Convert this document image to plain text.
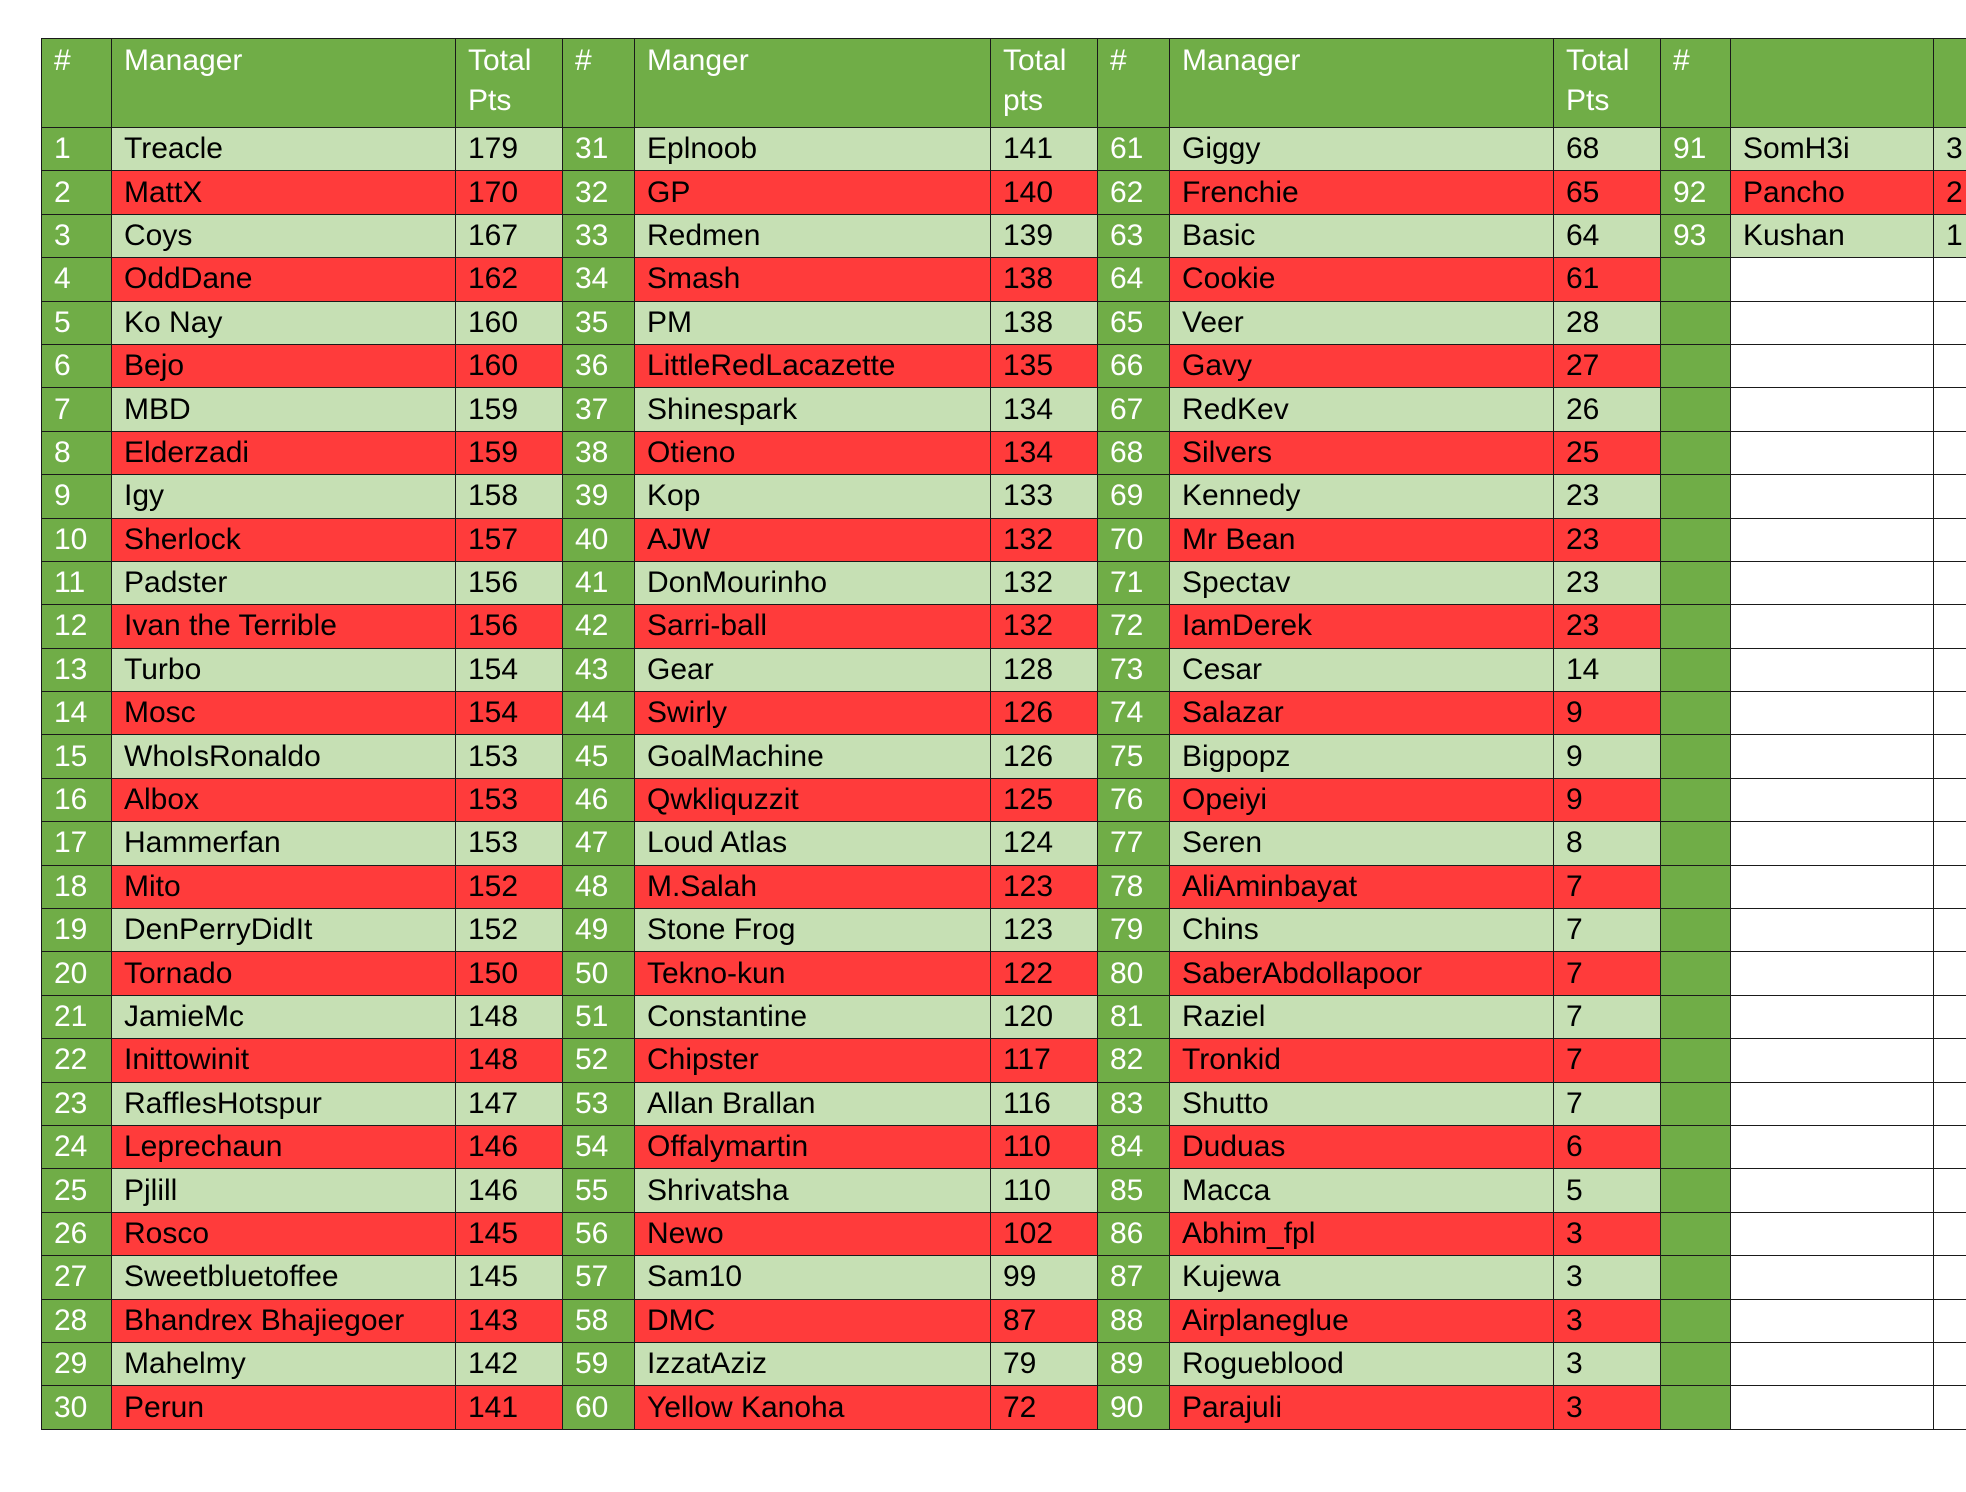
#	Manager	Total Pts	#	Manger	Total pts	#	Manager	Total Pts	#		
1	Treacle	179	31	Eplnoob	141	61	Giggy	68	91	SomH3i	3
2	MattX	170	32	GP	140	62	Frenchie	65	92	Pancho	2
3	Coys	167	33	Redmen	139	63	Basic	64	93	Kushan	1
4	OddDane	162	34	Smash	138	64	Cookie	61			
5	Ko Nay	160	35	PM	138	65	Veer	28			
6	Bejo	160	36	LittleRedLacazette	135	66	Gavy	27			
7	MBD	159	37	Shinespark	134	67	RedKev	26			
8	Elderzadi	159	38	Otieno	134	68	Silvers	25			
9	Igy	158	39	Kop	133	69	Kennedy	23			
10	Sherlock	157	40	AJW	132	70	Mr Bean	23			
11	Padster	156	41	DonMourinho	132	71	Spectav	23			
12	Ivan the Terrible	156	42	Sarri-ball	132	72	IamDerek	23			
13	Turbo	154	43	Gear	128	73	Cesar	14			
14	Mosc	154	44	Swirly	126	74	Salazar	9			
15	WhoIsRonaldo	153	45	GoalMachine	126	75	Bigpopz	9			
16	Albox	153	46	Qwkliquzzit	125	76	Opeiyi	9			
17	Hammerfan	153	47	Loud Atlas	124	77	Seren	8			
18	Mito	152	48	M.Salah	123	78	AliAminbayat	7			
19	DenPerryDidIt	152	49	Stone Frog	123	79	Chins	7			
20	Tornado	150	50	Tekno-kun	122	80	SaberAbdollapoor	7			
21	JamieMc	148	51	Constantine	120	81	Raziel	7			
22	Inittowinit	148	52	Chipster	117	82	Tronkid	7			
23	RafflesHotspur	147	53	Allan Brallan	116	83	Shutto	7			
24	Leprechaun	146	54	Offalymartin	110	84	Duduas	6			
25	Pjlill	146	55	Shrivatsha	110	85	Macca	5			
26	Rosco	145	56	Newo	102	86	Abhim_fpl	3			
27	Sweetbluetoffee	145	57	Sam10	99	87	Kujewa	3			
28	Bhandrex Bhajiegoer	143	58	DMC	87	88	Airplaneglue	3			
29	Mahelmy	142	59	IzzatAziz	79	89	Rogueblood	3			
30	Perun	141	60	Yellow Kanoha	72	90	Parajuli	3			
